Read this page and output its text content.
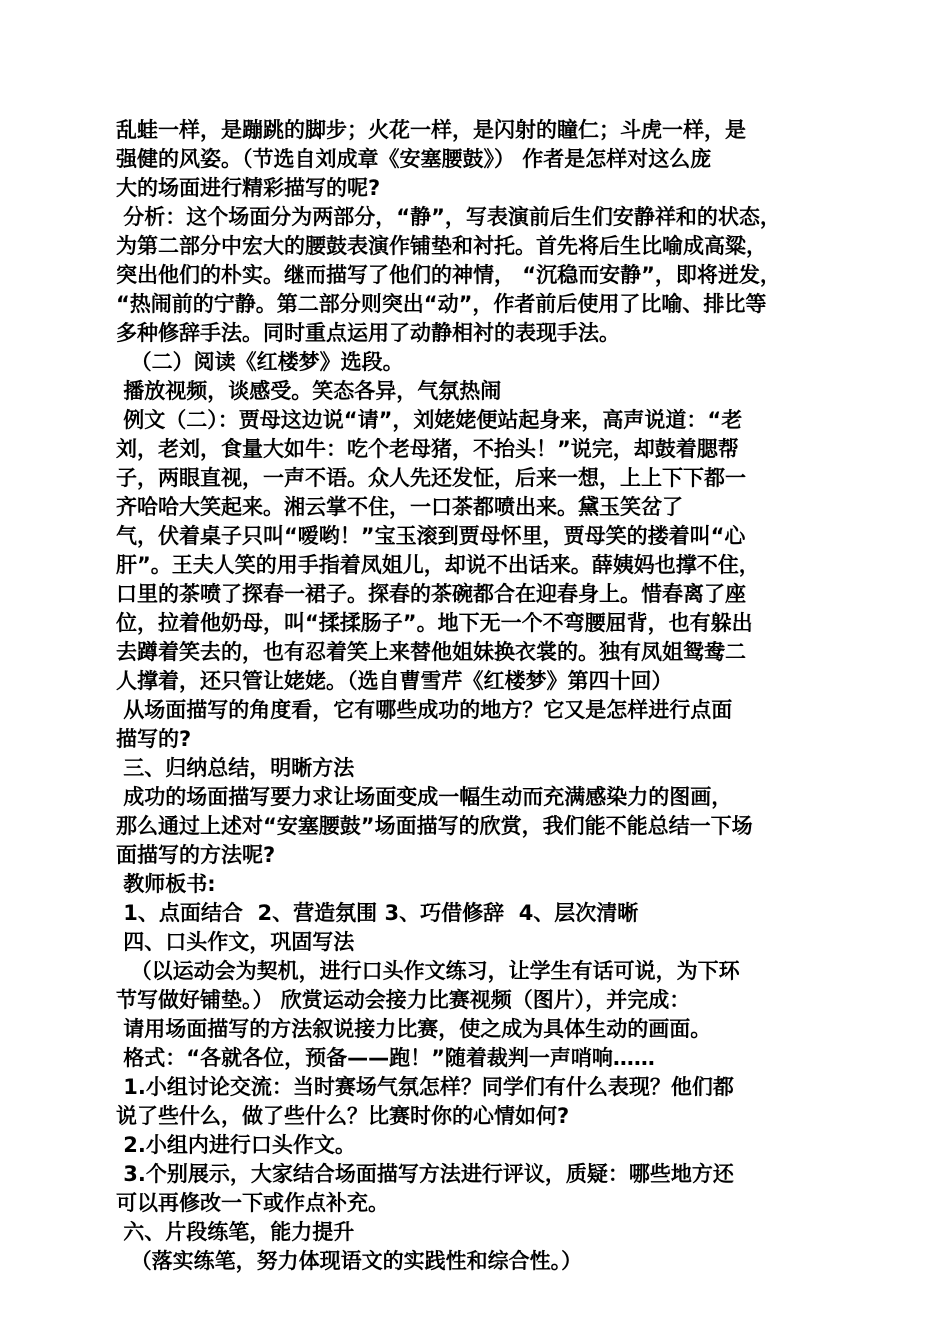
乱蛙一样，是蹦跳的脚步；火花一样，是闪射的瞳仁；斗虎一样，是
强健的风姿。（节选自刘成章《安塞腰鼓》） 作者是怎样对这么庞
大的场面进行精彩描写的呢?
分析：这个场面分为两部分，“静”，写表演前后生们安静祥和的状态，
为第二部分中宏大的腰鼓表演作铺垫和衬托。首先将后生比喻成高粱，
突出他们的朴实。继而描写了他们的神情， “沉稳而安静”，即将迸发，
“热闹前的宁静。第二部分则突出“动”，作者前后使用了比喻、排比等
多种修辞手法。同时重点运用了动静相衬的表现手法。
（二）阅读《红楼梦》选段。
播放视频，谈感受。笑态各异，气氛热闹
例文（二）：贾母这边说“请”，刘姥姥便站起身来，高声说道：“老
刘，老刘，食量大如牛：吃个老母猪，不抬头！”说完，却鼓着腮帮
子，两眼直视，一声不语。众人先还发怔，后来一想，上上下下都一
齐哈哈大笑起来。湘云掌不住，一口茶都喷出来。黛玉笑岔了
气，伏着桌子只叫“嗳哟！”宝玉滚到贾母怀里，贾母笑的搂着叫“心
肝”。王夫人笑的用手指着凤姐儿，却说不出话来。薛姨妈也撑不住，
口里的茶喷了探春一裙子。探春的茶碗都合在迎春身上。惜春离了座
位，拉着他奶母，叫“揉揉肠子”。地下无一个不弯腰屈背，也有躲出
去蹲着笑去的，也有忍着笑上来替他姐妹换衣裳的。独有凤姐鸳鸯二
人撑着，还只管让姥姥。（选自曹雪芹《红楼梦》第四十回）
从场面描写的角度看，它有哪些成功的地方？它又是怎样进行点面
描写的?
三、归纳总结，明晰方法
成功的场面描写要力求让场面变成一幅生动而充满感染力的图画，
那么通过上述对“安塞腰鼓”场面描写的欣赏，我们能不能总结一下场
面描写的方法呢?
教师板书:
1、点面结合  2、营造氛围 3、巧借修辞  4、层次清晰
四、口头作文，巩固写法
（以运动会为契机，进行口头作文练习，让学生有话可说，为下环
节写做好铺垫。） 欣赏运动会接力比赛视频（图片），并完成：
请用场面描写的方法叙说接力比赛，使之成为具体生动的画面。
格式：“各就各位，预备——跑！”随着裁判一声哨响……
1.小组讨论交流：当时赛场气氛怎样？同学们有什么表现？他们都
说了些什么，做了些什么？比赛时你的心情如何?
2.小组内进行口头作文。
3.个别展示，大家结合场面描写方法进行评议，质疑：哪些地方还
可以再修改一下或作点补充。
六、片段练笔，能力提升
（落实练笔，努力体现语文的实践性和综合性。）
